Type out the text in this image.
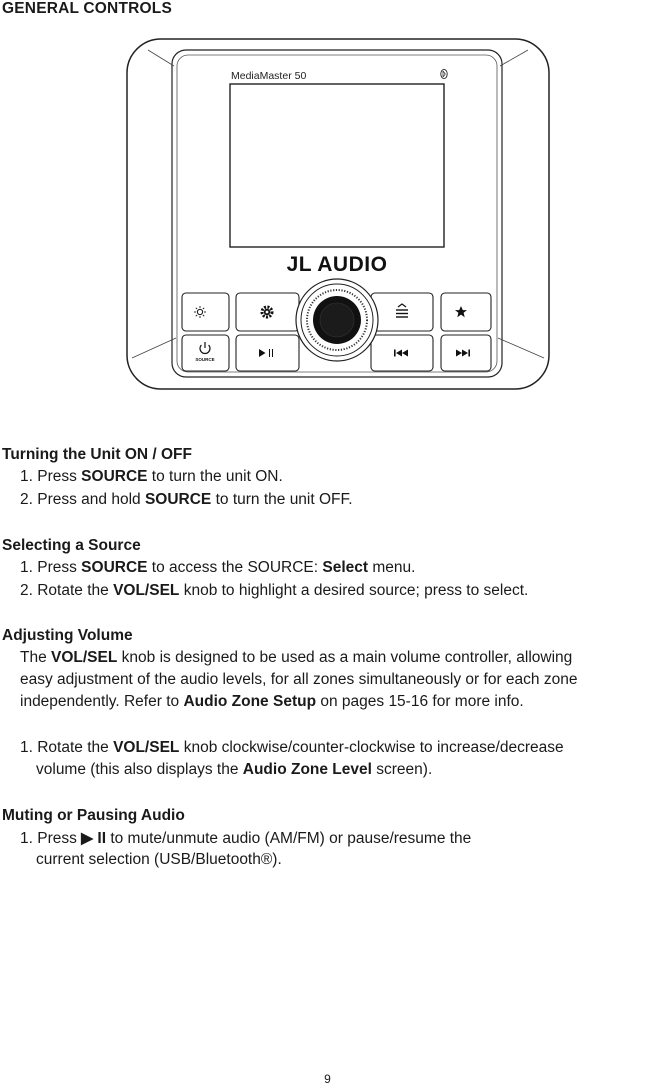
GENERAL CONTROLS
MediaMaster 50
JL AUDIO
SOURCE
Turning the Unit ON / OFF
1. Press SOURCE to turn the unit ON.
2. Press and hold SOURCE to turn the unit OFF.
Selecting a Source
1. Press SOURCE to access the SOURCE: Select menu.
2. Rotate the VOL/SEL knob to highlight a desired source; press to select.
Adjusting Volume
The VOL/SEL knob is designed to be used as a main volume controller, allowing
easy adjustment of the audio levels, for all zones simultaneously or for each zone
independently. Refer to Audio Zone Setup on pages 15-16 for more info.
1. Rotate the VOL/SEL knob clockwise/counter-clockwise to increase/decrease
volume (this also displays the Audio Zone Level screen).
Muting or Pausing Audio
1. Press ▶ II to mute/unmute audio (AM/FM) or pause/resume the
current selection (USB/Bluetooth®).
9
